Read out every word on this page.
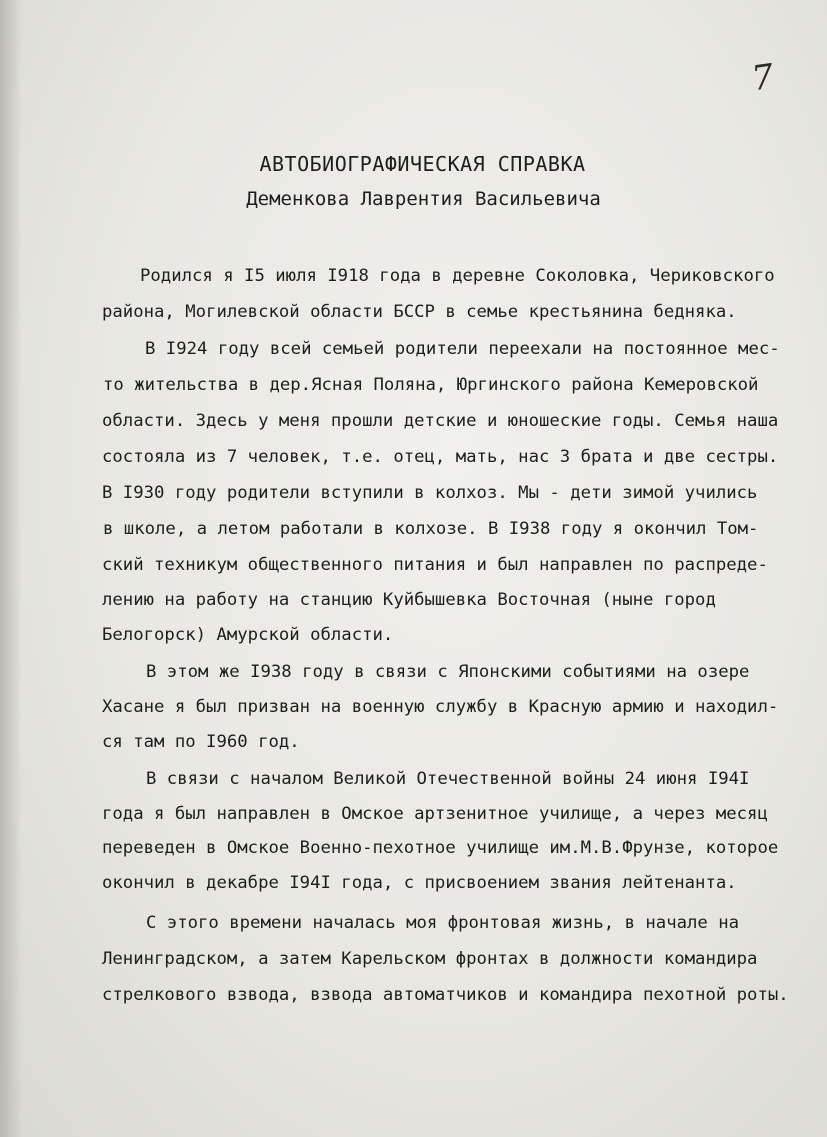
7
АВТОБИОГРАФИЧЕСКАЯ СПРАВКА
Деменкова Лаврентия Васильевича
Родился я I5 июля I918 года в деревне Соколовка, Чериковского
района, Могилевской области БССР в семье крестьянина бедняка.
В I924 году всей семьей родители переехали на постоянное мес-
то жительства в дер.Ясная Поляна, Юргинского района Кемеровской
области. Здесь у меня прошли детские и юношеские годы. Семья наша
состояла из 7 человек, т.е. отец, мать, нас 3 брата и две сестры.
В I930 году родители вступили в колхоз. Мы - дети зимой учились
в школе, а летом работали в колхозе. В I938 году я окончил Том-
ский техникум общественного питания и был направлен по распреде-
лению на работу на станцию Куйбышевка Восточная (ныне город
Белогорск) Амурской области.
В этом же I938 году в связи с Японскими событиями на озере
Хасане я был призван на военную службу в Красную армию и находил-
ся там по I960 год.
В связи с началом Великой Отечественной войны 24 июня I94I
года я был направлен в Омское артзенитное училище, а через месяц
переведен в Омское Военно-пехотное училище им.М.В.Фрунзе, которое
окончил в декабре I94I года, с присвоением звания лейтенанта.
С этого времени началась моя фронтовая жизнь, в начале на
Ленинградском, а затем Карельском фронтах в должности командира
стрелкового взвода, взвода автоматчиков и командира пехотной роты.
